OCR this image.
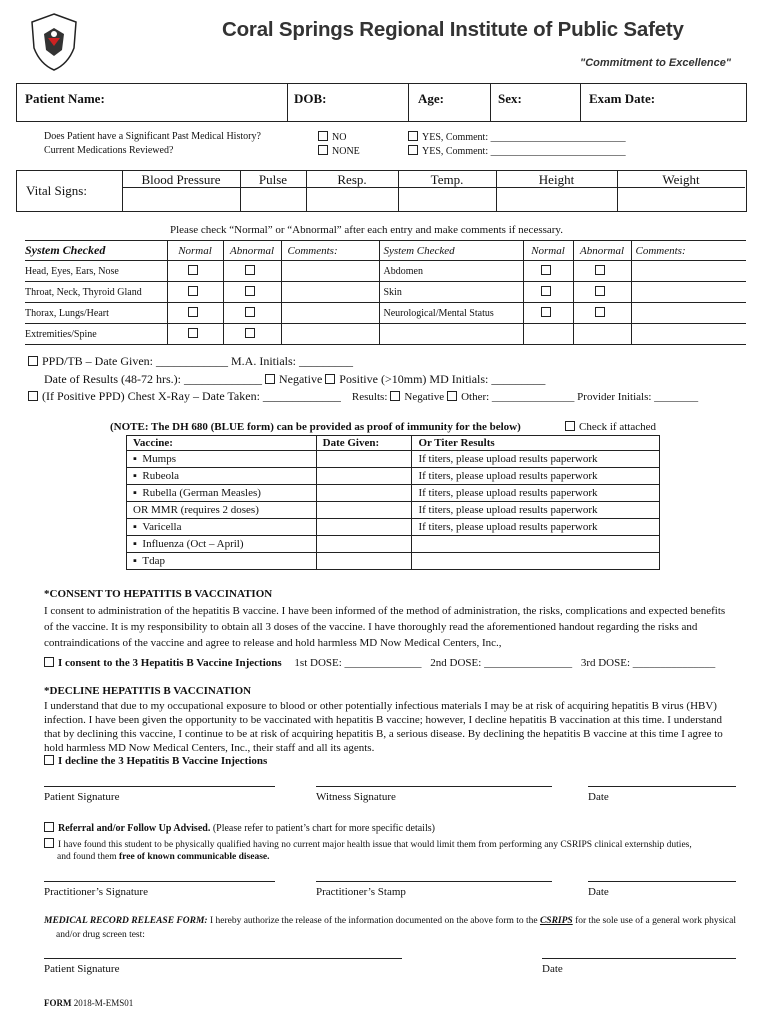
Coral Springs Regional Institute of Public Safety
"Commitment to Excellence"
Patient Name:	DOB:	Age:	Sex:	Exam Date:
Does Patient have a Significant Past Medical History?
Current Medications Reviewed?
NO
NONE
YES, Comment: ___________________________
YES, Comment: ___________________________
Vital Signs:
Blood Pressure	Pulse	Resp.	Temp.	Height	Weight
Please check “Normal” or “Abnormal” after each entry and make comments if necessary.
System Checked	Normal	Abnormal	Comments:	System Checked	Normal	Abnormal	Comments:
Head, Eyes, Ears, Nose				Abdomen			
Throat, Neck, Thyroid Gland				Skin			
Thorax, Lungs/Heart				Neurological/Mental Status			
Extremities/Spine							
PPD/TB – Date Given: ____________ M.A. Initials: _________
Date of Results (48-72 hrs.): _____________ Negative Positive (>10mm) MD Initials: _________
(If Positive PPD) Chest X-Ray – Date Taken: _____________ Results: Negative Other: _______________ Provider Initials: ________
(NOTE: The DH 680 (BLUE form) can be provided as proof of immunity for the below)	Check if attached
Vaccine:	Date Given:	Or Titer Results
▪  Mumps		If titers, please upload results paperwork
▪  Rubeola		If titers, please upload results paperwork
▪  Rubella (German Measles)		If titers, please upload results paperwork
OR MMR (requires 2 doses)		If titers, please upload results paperwork
▪  Varicella		If titers, please upload results paperwork
▪  Influenza (Oct – April)		
▪  Tdap		
*CONSENT TO HEPATITIS B VACCINATION
I consent to administration of the hepatitis B vaccine. I have been informed of the method of administration, the risks, complications and expected benefits of the vaccine. It is my responsibility to obtain all 3 doses of the vaccine. I have thoroughly read the aforementioned handout regarding the risks and contraindications of the vaccine and agree to release and hold harmless MD Now Medical Centers, Inc.,
I consent to the 3 Hepatitis B Vaccine Injections 1st DOSE: ______________ 2nd DOSE: ________________ 3rd DOSE: _______________
*DECLINE HEPATITIS B VACCINATION
I understand that due to my occupational exposure to blood or other potentially infectious materials I may be at risk of acquiring hepatitis B virus (HBV) infection. I have been given the opportunity to be vaccinated with hepatitis B vaccine; however, I decline hepatitis B vaccination at this time. I understand that by declining this vaccine, I continue to be at risk of acquiring hepatitis B, a serious disease. By declining the hepatitis B vaccine at this time I agree to hold harmless MD Now Medical Centers, Inc., their staff and all its agents.
I decline the 3 Hepatitis B Vaccine Injections
Patient Signature	Witness Signature	Date
Referral and/or Follow Up Advised. (Please refer to patient’s chart for more specific details)
I have found this student to be physically qualified having no current major health issue that would limit them from performing any CSRIPS clinical externship duties,
and found them free of known communicable disease.
Practitioner’s Signature	Practitioner’s Stamp	Date
MEDICAL RECORD RELEASE FORM: I hereby authorize the release of the information documented on the above form to the CSRIPS for the sole use of a general work physical
and/or drug screen test:
Patient Signature	Date
FORM 2018-M-EMS01
